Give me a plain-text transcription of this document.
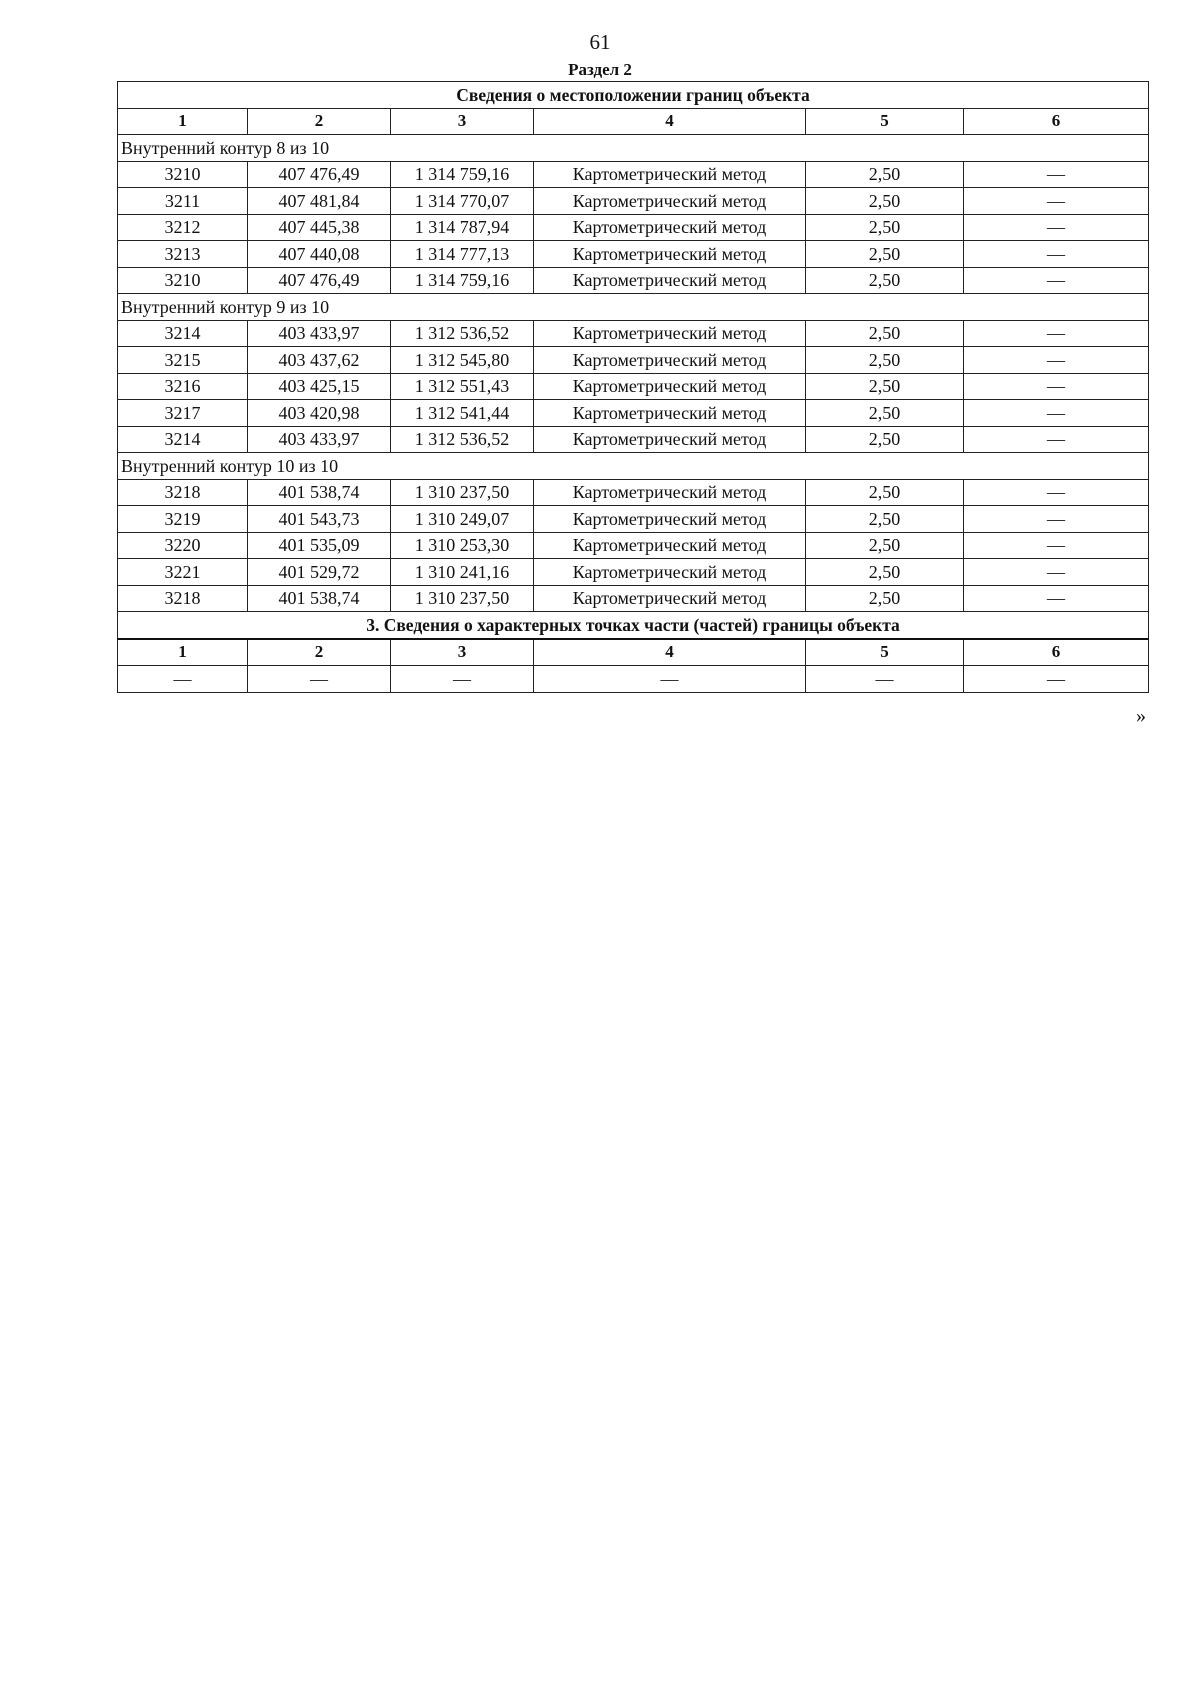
61
Раздел 2
Сведения о местоположении границ объекта					
1	2	3	4	5	6
Внутренний контур 8 из 10					
3210	407 476,49	1 314 759,16	Картометрический метод	2,50	—
3211	407 481,84	1 314 770,07	Картометрический метод	2,50	—
3212	407 445,38	1 314 787,94	Картометрический метод	2,50	—
3213	407 440,08	1 314 777,13	Картометрический метод	2,50	—
3210	407 476,49	1 314 759,16	Картометрический метод	2,50	—
Внутренний контур 9 из 10					
3214	403 433,97	1 312 536,52	Картометрический метод	2,50	—
3215	403 437,62	1 312 545,80	Картометрический метод	2,50	—
3216	403 425,15	1 312 551,43	Картометрический метод	2,50	—
3217	403 420,98	1 312 541,44	Картометрический метод	2,50	—
3214	403 433,97	1 312 536,52	Картометрический метод	2,50	—
Внутренний контур 10 из 10					
3218	401 538,74	1 310 237,50	Картометрический метод	2,50	—
3219	401 543,73	1 310 249,07	Картометрический метод	2,50	—
3220	401 535,09	1 310 253,30	Картометрический метод	2,50	—
3221	401 529,72	1 310 241,16	Картометрический метод	2,50	—
3218	401 538,74	1 310 237,50	Картометрический метод	2,50	—
3. Сведения о характерных точках части (частей) границы объекта					
1	2	3	4	5	6
—	—	—	—	—	—
»
